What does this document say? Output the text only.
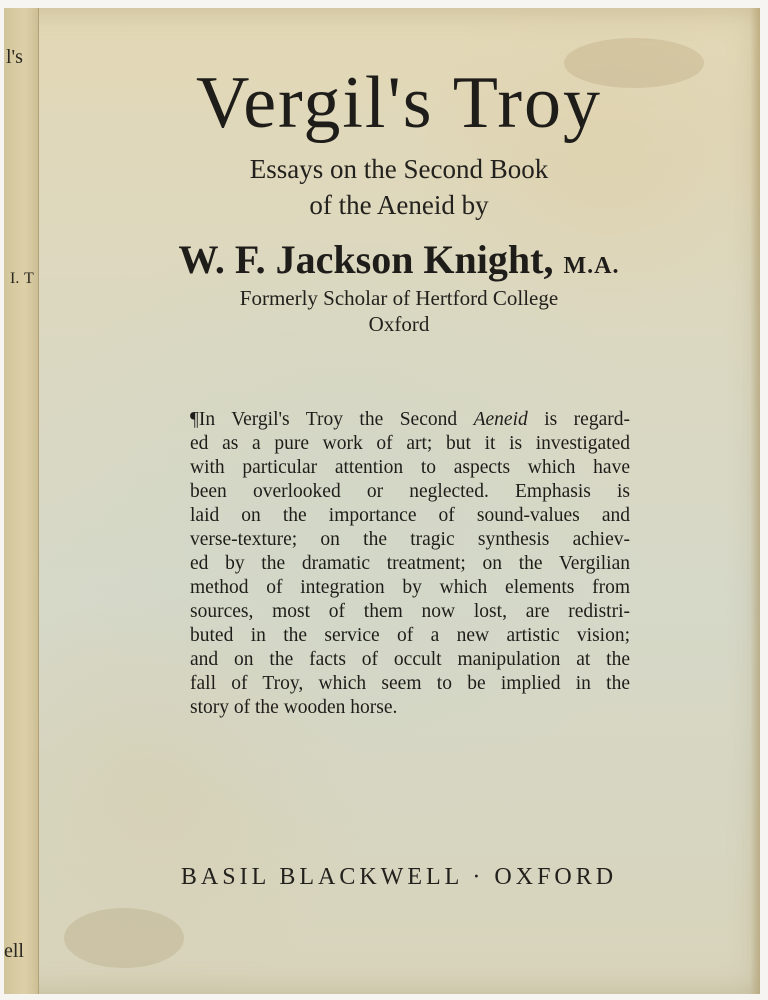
l's
I. T
ell
Vergil's Troy
Essays on the Second Book
of the Aeneid by
W. F. Jackson Knight, M.A.
Formerly Scholar of Hertford College
Oxford
¶In Vergil's Troy the Second Aeneid is regard-
ed as a pure work of art; but it is investigated
with particular attention to aspects which have
been overlooked or neglected. Emphasis is
laid on the importance of sound-values and
verse-texture; on the tragic synthesis achiev-
ed by the dramatic treatment; on the Vergilian
method of integration by which elements from
sources, most of them now lost, are redistri-
buted in the service of a new artistic vision;
and on the facts of occult manipulation at the
fall of Troy, which seem to be implied in the
story of the wooden horse.
BASIL BLACKWELL · OXFORD
